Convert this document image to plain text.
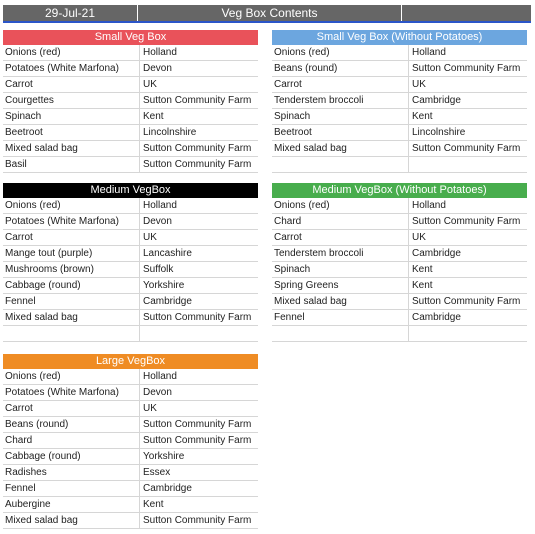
29-Jul-21	Veg Box Contents
Small Veg Box
Onions (red)	Holland
Potatoes (White Marfona)	Devon
Carrot	UK
Courgettes	Sutton Community Farm
Spinach	Kent
Beetroot	Lincolnshire
Mixed salad bag	Sutton Community Farm
Basil	Sutton Community Farm
Small Veg Box (Without Potatoes)
Onions (red)	Holland
Beans (round)	Sutton Community Farm
Carrot	UK
Tenderstem broccoli	Cambridge
Spinach	Kent
Beetroot	Lincolnshire
Mixed salad bag	Sutton Community Farm
Medium VegBox
Onions (red)	Holland
Potatoes (White Marfona)	Devon
Carrot	UK
Mange tout (purple)	Lancashire
Mushrooms (brown)	Suffolk
Cabbage (round)	Yorkshire
Fennel	Cambridge
Mixed salad bag	Sutton Community Farm
Medium VegBox (Without Potatoes)
Onions (red)	Holland
Chard	Sutton Community Farm
Carrot	UK
Tenderstem broccoli	Cambridge
Spinach	Kent
Spring Greens	Kent
Mixed salad bag	Sutton Community Farm
Fennel	Cambridge
Large VegBox
Onions (red)	Holland
Potatoes (White Marfona)	Devon
Carrot	UK
Beans (round)	Sutton Community Farm
Chard	Sutton Community Farm
Cabbage (round)	Yorkshire
Radishes	Essex
Fennel	Cambridge
Aubergine	Kent
Mixed salad bag	Sutton Community Farm
